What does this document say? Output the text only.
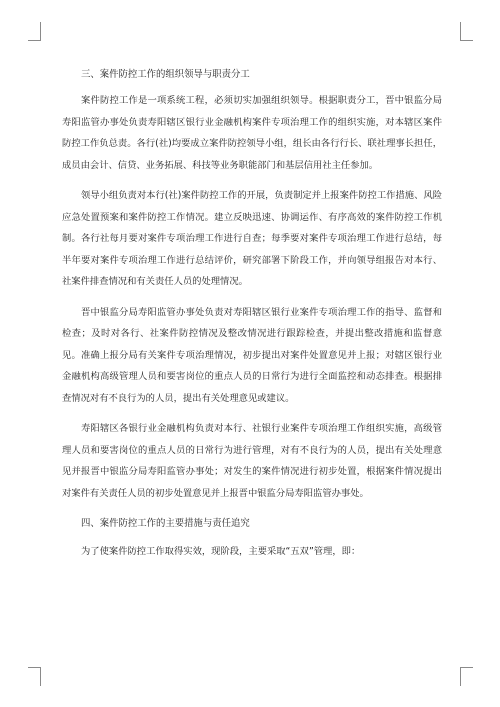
三、案件防控工作的组织领导与职责分工

案件防控工作是一项系统工程，必须切实加强组织领导。根据职责分工，晋中银监分局寿阳监管办事处负责寿阳辖区银行业金融机构案件专项治理工作的组织实施，对本辖区案件防控工作负总责。各行(社)均要成立案件防控领导小组，组长由各行行长、联社理事长担任，成员由会计、信贷、业务拓展、科技等业务职能部门和基层信用社主任参加。

领导小组负责对本行(社)案件防控工作的开展，负责制定并上报案件防控工作措施、风险应急处置预案和案件防控工作情况。建立反映迅速、协调运作、有序高效的案件防控工作机制。各行社每月要对案件专项治理工作进行自查；每季要对案件专项治理工作进行总结，每半年要对案件专项治理工作进行总结评价，研究部署下阶段工作，并向领导组报告对本行、社案件排查情况和有关责任人员的处理情况。

晋中银监分局寿阳监管办事处负责对寿阳辖区银行业案件专项治理工作的指导、监督和检查；及时对各行、社案件防控情况及整改情况进行跟踪检查，并提出整改措施和监督意见。准确上报分局有关案件专项治理情况，初步提出对案件处置意见并上报；对辖区银行业金融机构高级管理人员和要害岗位的重点人员的日常行为进行全面监控和动态排查。根据排查情况对有不良行为的人员，提出有关处理意见或建议。

寿阳辖区各银行业金融机构负责对本行、社银行业案件专项治理工作组织实施，高级管理人员和要害岗位的重点人员的日常行为进行管理，对有不良行为的人员，提出有关处理意见并报晋中银监分局寿阳监管办事处；对发生的案件情况进行初步处置，根据案件情况提出对案件有关责任人员的初步处置意见并上报晋中银监分局寿阳监管办事处。

四、案件防控工作的主要措施与责任追究

为了使案件防控工作取得实效，现阶段，主要采取“五双”管理，即：
